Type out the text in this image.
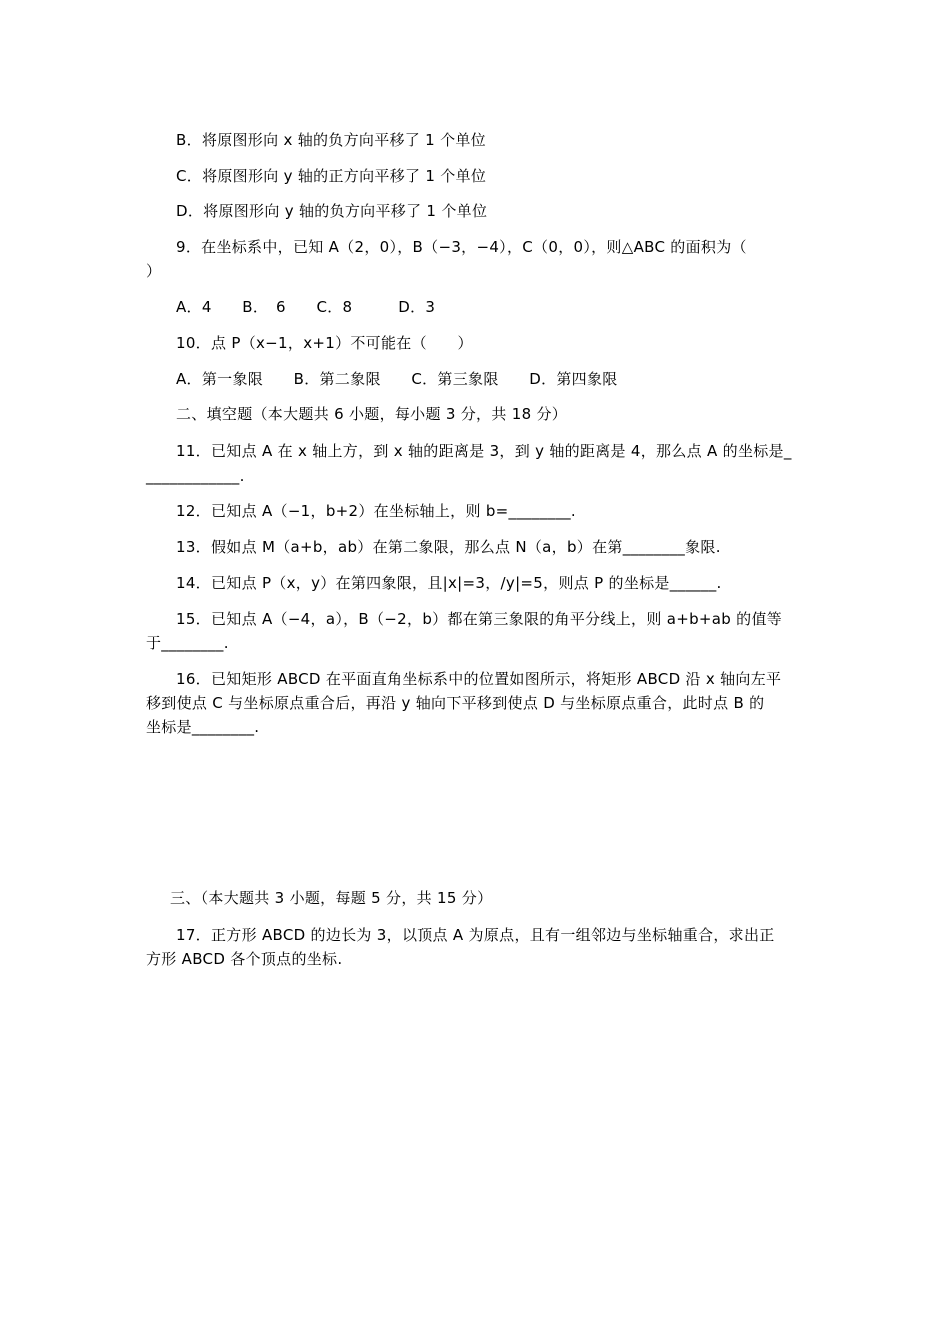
B．将原图形向 x 轴的负方向平移了 1 个单位
C．将原图形向 y 轴的正方向平移了 1 个单位
D．将原图形向 y 轴的负方向平移了 1 个单位
9．在坐标系中，已知 A（2，0），B（−3，−4），C（0，0），则△ABC 的面积为（
）
A．4　　B．　6　　C．8　　　D．3
10．点 P（x−1，x+1）不可能在（　　）
A．第一象限　　B．第二象限　　C．第三象限　　D．第四象限
二、填空题（本大题共 6 小题，每小题 3 分，共 18 分）
11．已知点 A 在 x 轴上方，到 x 轴的距离是 3，到 y 轴的距离是 4，那么点 A 的坐标是_
____________.
12．已知点 A（−1，b+2）在坐标轴上，则 b=________.
13．假如点 M（a+b，ab）在第二象限，那么点 N（a，b）在第________象限.
14．已知点 P（x，y）在第四象限，且|x|=3，/y|=5，则点 P 的坐标是______.
15．已知点 A（−4，a），B（−2，b）都在第三象限的角平分线上，则 a+b+ab 的值等
于________.
16．已知矩形 ABCD 在平面直角坐标系中的位置如图所示，将矩形 ABCD 沿 x 轴向左平
移到使点 C 与坐标原点重合后，再沿 y 轴向下平移到使点 D 与坐标原点重合，此时点 B 的
坐标是________.
三、（本大题共 3 小题，每题 5 分，共 15 分）
17．正方形 ABCD 的边长为 3，以顶点 A 为原点，且有一组邻边与坐标轴重合，求出正
方形 ABCD 各个顶点的坐标.
